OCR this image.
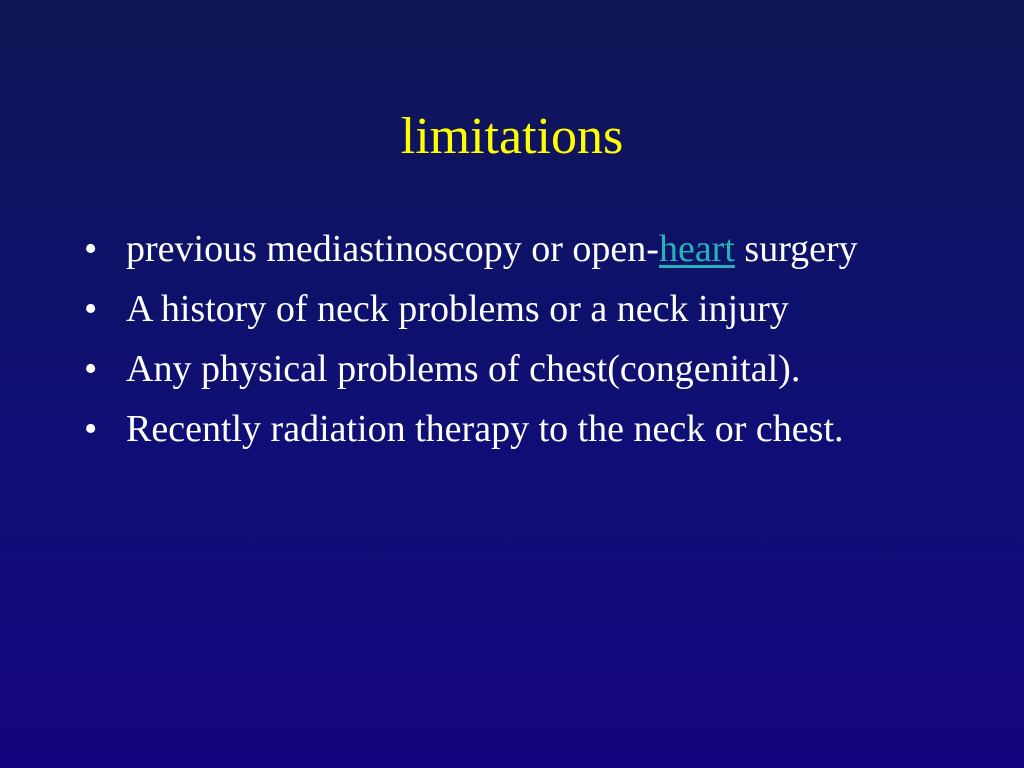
limitations
• previous mediastinoscopy or open-heart surgery
• A history of neck problems or a neck injury
• Any physical problems of chest(congenital).
• Recently radiation therapy to the neck or chest.
